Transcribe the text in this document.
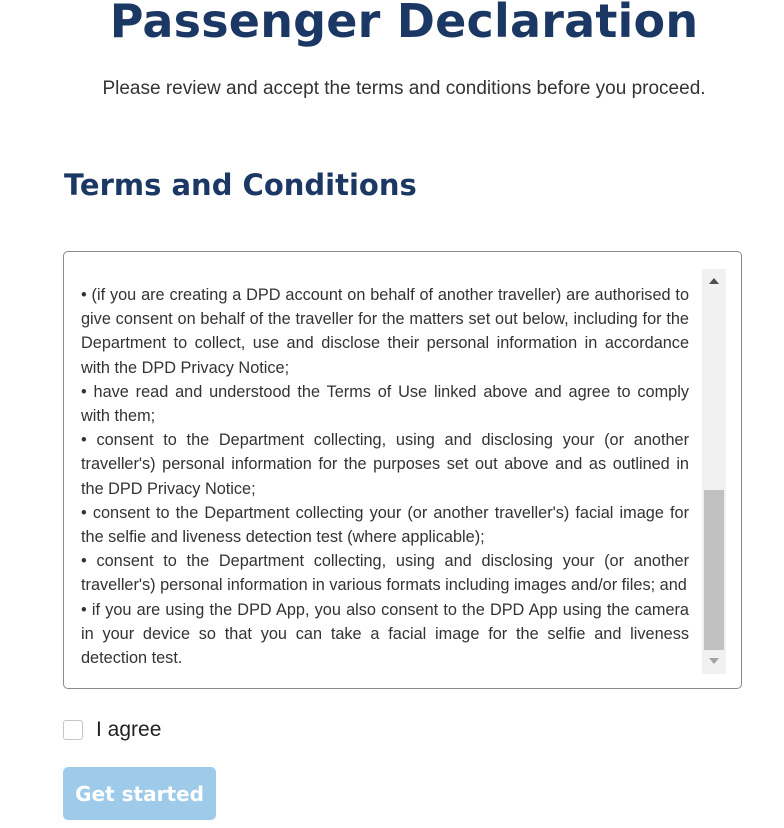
Passenger Declaration

Please review and accept the terms and conditions before you proceed.

Terms and Conditions

• (if you are creating a DPD account on behalf of another traveller) are authorised to give consent on behalf of the traveller for the matters set out below, including for the Department to collect, use and disclose their personal information in accordance with the DPD Privacy Notice;

• have read and understood the Terms of Use linked above and agree to comply with them;

• consent to the Department collecting, using and disclosing your (or another traveller's) personal information for the purposes set out above and as outlined in the DPD Privacy Notice;

• consent to the Department collecting your (or another traveller's) facial image for the selfie and liveness detection test (where applicable);

• consent to the Department collecting, using and disclosing your (or another traveller's) personal information in various formats including images and/or files; and

• if you are using the DPD App, you also consent to the DPD App using the camera in your device so that you can take a facial image for the selfie and liveness detection test.

I agree
Get started
